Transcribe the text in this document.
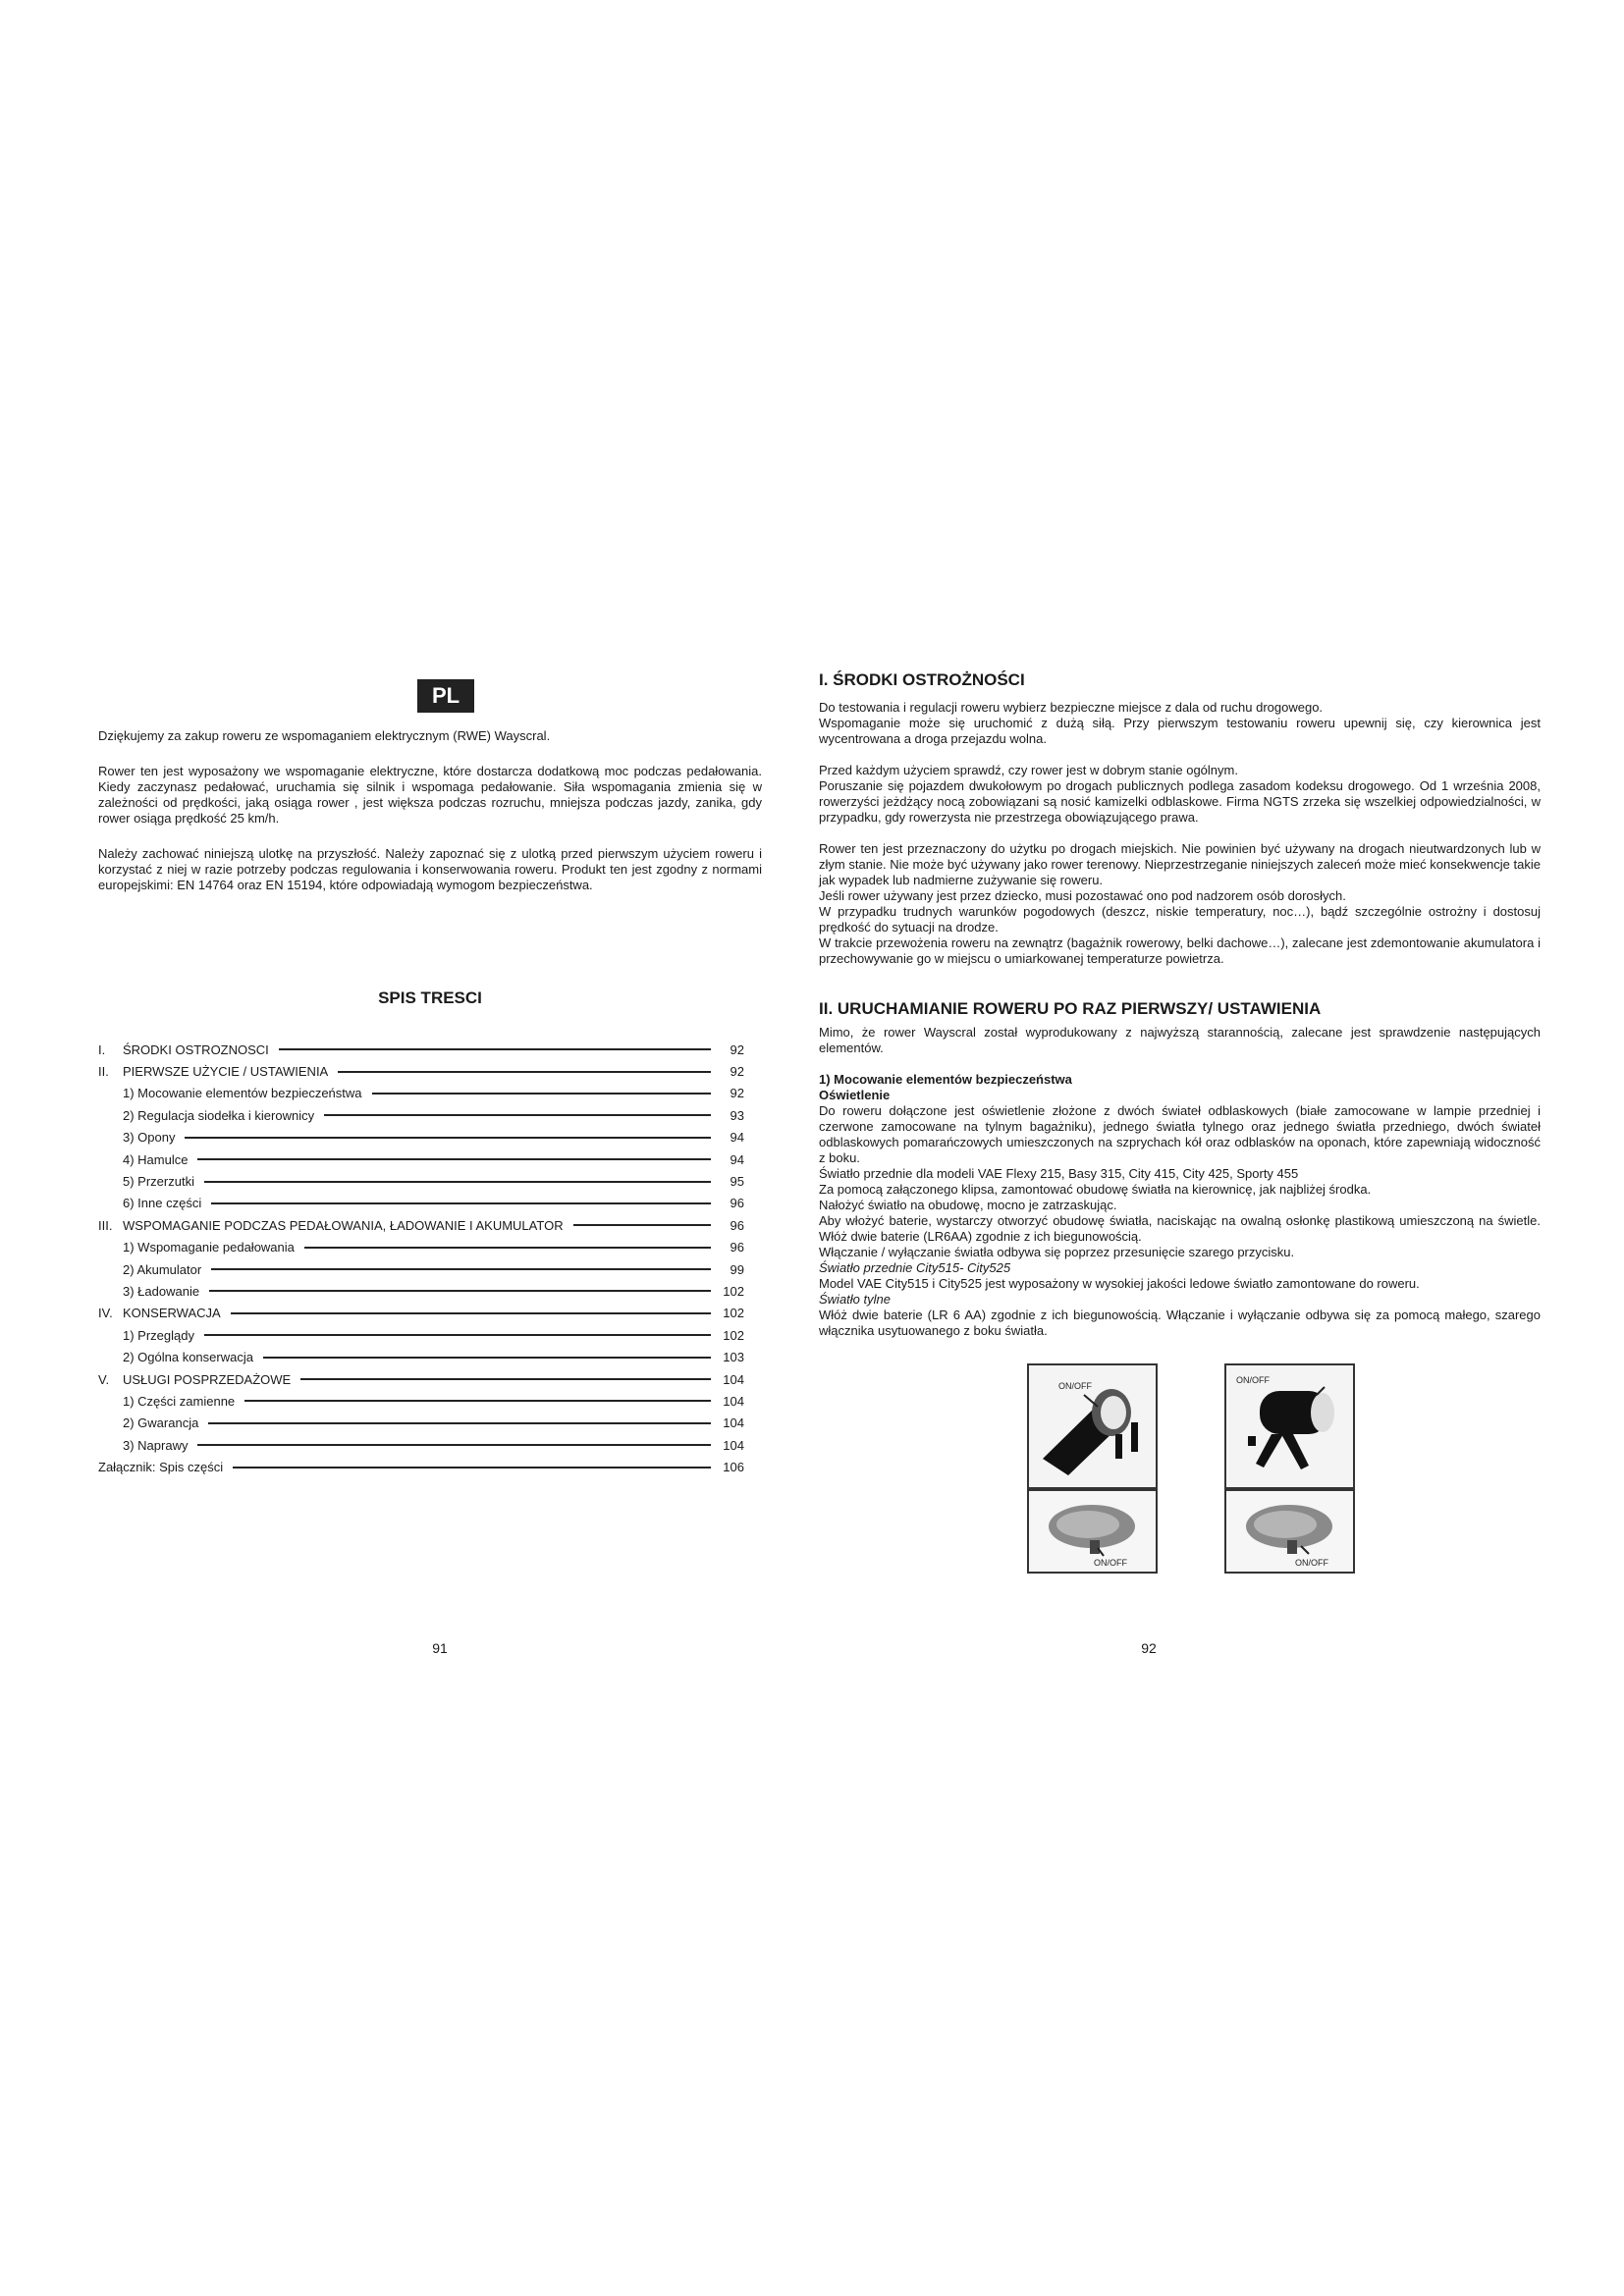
PL

Dziękujemy za zakup roweru ze wspomaganiem elektrycznym (RWE) Wayscral.

Rower ten jest wyposażony we wspomaganie elektryczne, które dostarcza dodatkową moc podczas pedałowania. Kiedy zaczynasz pedałować, uruchamia się silnik i wspomaga pedałowanie. Siła wspomagania zmienia się w zależności od prędkości, jaką osiąga rower , jest większa podczas rozruchu, mniejsza podczas jazdy, zanika, gdy rower osiąga prędkość 25 km/h.

Należy zachować niniejszą ulotkę na przyszłość. Należy zapoznać się z ulotką przed pierwszym użyciem roweru i korzystać z niej w razie potrzeby podczas regulowania i konserwowania roweru. Produkt ten jest zgodny z normami europejskimi: EN 14764 oraz EN 15194, które odpowiadają wymogom bezpieczeństwa.

SPIS TRESCI
I.	ŚRODKI OSTROZNOSCI	92
II.	PIERWSZE UŻYCIE / USTAWIENIA	92
1) Mocowanie elementów bezpieczeństwa	92
2) Regulacja siodełka i kierownicy	93
3) Opony	94
4) Hamulce	94
5) Przerzutki	95
6) Inne części	96
III. WSPOMAGANIE PODCZAS PEDAŁOWANIA, ŁADOWANIE I AKUMULATOR	96
1) Wspomaganie pedałowania	96
2) Akumulator	99
3) Ładowanie	102
IV. KONSERWACJA	102
1) Przeglądy	102
2) Ogólna konserwacja	103
V.	USŁUGI POSPRZEDAŻOWE	104
1) Części zamienne	104
2) Gwarancja	104
3) Naprawy	104
Załącznik: Spis części	106
91
I. ŚRODKI OSTROŻNOŚCI

Do testowania i regulacji roweru wybierz bezpieczne miejsce z dala od ruchu drogowego.

Wspomaganie może się uruchomić z dużą siłą. Przy pierwszym testowaniu roweru upewnij się, czy kierownica jest wycentrowana a droga przejazdu wolna.

Przed każdym użyciem sprawdź, czy rower jest w dobrym stanie ogólnym.

Poruszanie się pojazdem dwukołowym po drogach publicznych podlega zasadom kodeksu drogowego. Od 1 września 2008, rowerzyści jeżdżący nocą zobowiązani są nosić kamizelki odblaskowe. Firma NGTS zrzeka się wszelkiej odpowiedzialności, w przypadku, gdy rowerzysta nie przestrzega obowiązującego prawa.

Rower ten jest przeznaczony do użytku po drogach miejskich. Nie powinien być używany na drogach nieutwardzonych lub w złym stanie. Nie może być używany jako rower terenowy. Nieprzestrzeganie niniejszych zaleceń może mieć konsekwencje takie jak wypadek lub nadmierne zużywanie się roweru.

Jeśli rower używany jest przez dziecko, musi pozostawać ono pod nadzorem osób dorosłych.

W przypadku trudnych warunków pogodowych (deszcz, niskie temperatury, noc…), bądź szczególnie ostrożny i dostosuj prędkość do sytuacji na drodze.

W trakcie przewożenia roweru na zewnątrz (bagażnik rowerowy, belki dachowe…), zalecane jest zdemontowanie akumulatora i przechowywanie go w miejscu o umiarkowanej temperaturze powietrza.

II. URUCHAMIANIE ROWERU PO RAZ PIERWSZY/ USTAWIENIA

Mimo, że rower Wayscral został wyprodukowany z najwyższą starannością, zalecane jest sprawdzenie następujących elementów.

1) Mocowanie elementów bezpieczeństwa

Oświetlenie

Do roweru dołączone jest oświetlenie złożone z dwóch świateł odblaskowych (białe zamocowane w lampie przedniej i czerwone zamocowane na tylnym bagażniku), jednego światła tylnego oraz jednego światła przedniego, dwóch świateł odblaskowych pomarańczowych umieszczonych na szprychach kół oraz odblasków na oponach, które zapewniają widoczność z boku.

Światło przednie dla modeli VAE Flexy 215, Basy 315, City 415, City 425, Sporty 455

Za pomocą załączonego klipsa, zamontować obudowę światła na kierownicę, jak najbliżej środka.

Nałożyć światło na obudowę, mocno je zatrzaskując.

Aby włożyć baterie, wystarczy otworzyć obudowę światła, naciskając na owalną osłonkę plastikową umieszczoną na świetle. Włóż dwie baterie (LR6AA) zgodnie z ich biegunowością.

Włączanie / wyłączanie światła odbywa się poprzez przesunięcie szarego przycisku.

Światło przednie City515- City525

Model VAE City515 i City525 jest wyposażony w wysokiej jakości ledowe światło zamontowane do roweru.

Światło tylne

Włóż dwie baterie (LR 6 AA) zgodnie z ich biegunowością. Włączanie i wyłączanie odbywa się za pomocą małego, szarego włącznika usytuowanego z boku światła.

ON/OFF
ON/OFF
ON/OFF	ON/OFF
92
